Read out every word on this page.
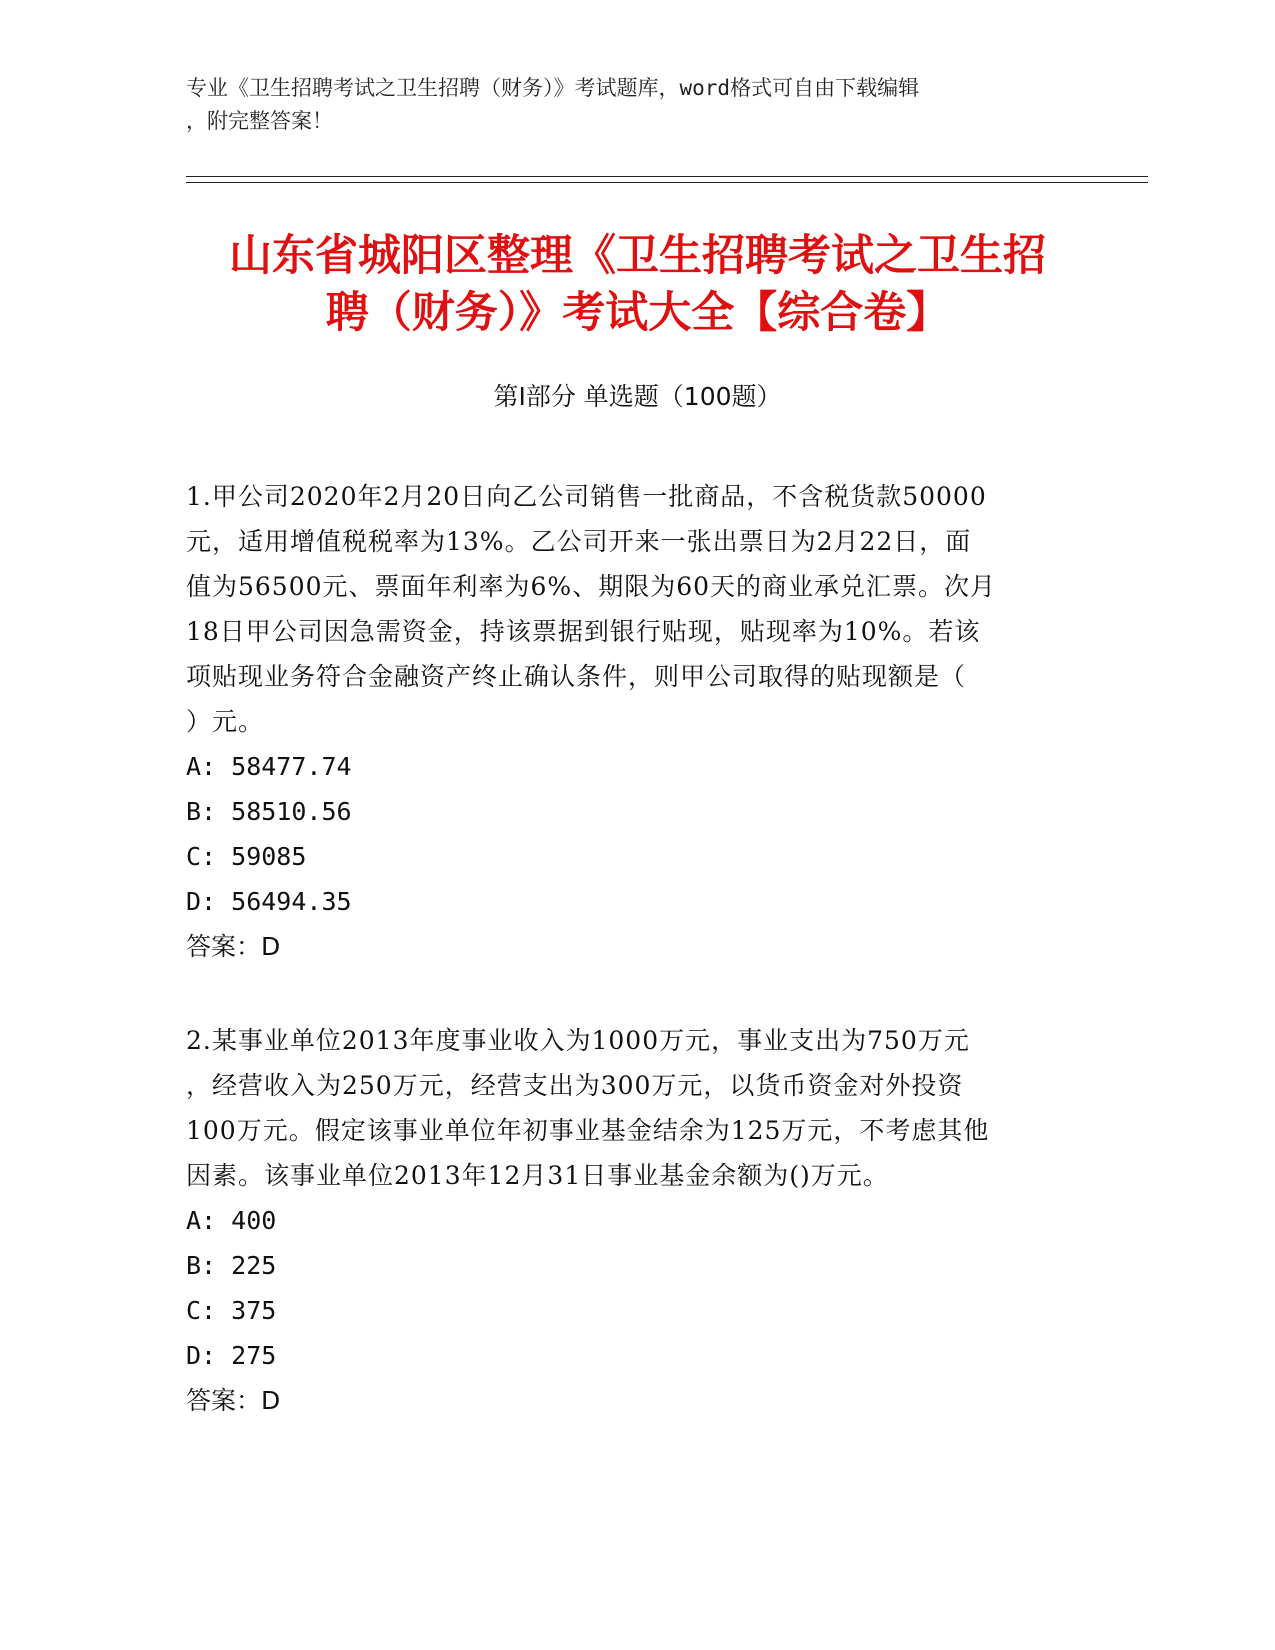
专业《卫生招聘考试之卫生招聘（财务）》考试题库，word格式可自由下载编辑
，附完整答案！
山东省城阳区整理《卫生招聘考试之卫生招
聘（财务）》考试大全【综合卷】
第Ⅰ部分 单选题（100题）
1.甲公司2020年2月20日向乙公司销售一批商品，不含税货款50000
元，适用增值税税率为13%。乙公司开来一张出票日为2月22日，面
值为56500元、票面年利率为6%、期限为60天的商业承兑汇票。次月
18日甲公司因急需资金，持该票据到银行贴现，贴现率为10%。若该
项贴现业务符合金融资产终止确认条件，则甲公司取得的贴现额是（
）元。
A: 58477.74
B: 58510.56
C: 59085
D: 56494.35
答案：D
2.某事业单位2013年度事业收入为1000万元，事业支出为750万元
，经营收入为250万元，经营支出为300万元，以货币资金对外投资
100万元。假定该事业单位年初事业基金结余为125万元，不考虑其他
因素。该事业单位2013年12月31日事业基金余额为()万元。
A: 400
B: 225
C: 375
D: 275
答案：D
